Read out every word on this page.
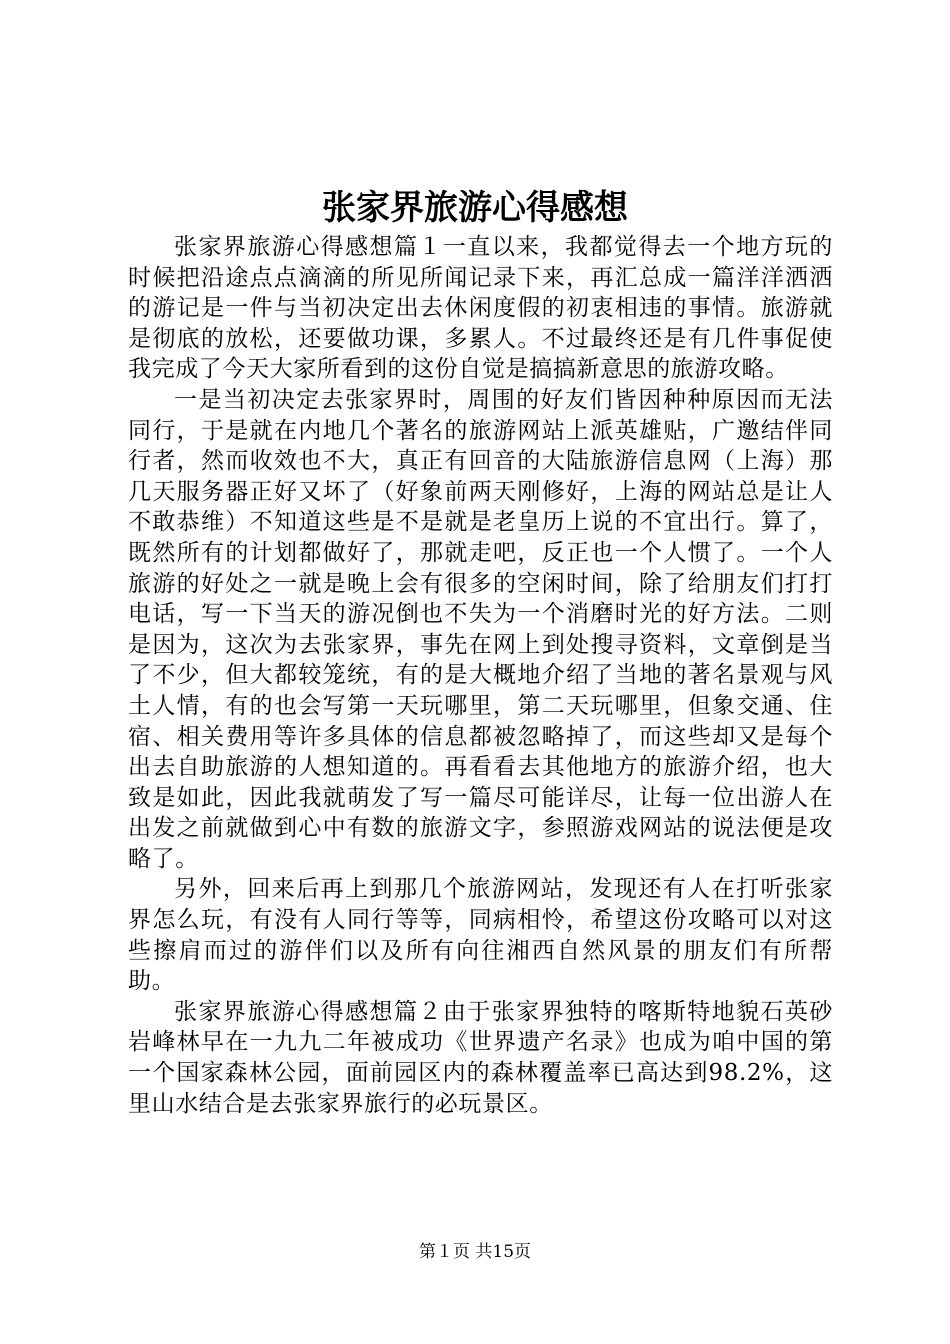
张家界旅游心得感想

张家界旅游心得感想篇１一直以来，我都觉得去一个地方玩的时候把沿途点点滴滴的所见所闻记录下来，再汇总成一篇洋洋洒洒的游记是一件与当初决定出去休闲度假的初衷相违的事情。旅游就是彻底的放松，还要做功课，多累人。不过最终还是有几件事促使我完成了今天大家所看到的这份自觉是搞搞新意思的旅游攻略。

一是当初决定去张家界时，周围的好友们皆因种种原因而无法同行，于是就在内地几个著名的旅游网站上派英雄贴，广邀结伴同行者，然而收效也不大，真正有回音的大陆旅游信息网（上海）那几天服务器正好又坏了（好象前两天刚修好，上海的网站总是让人不敢恭维）不知道这些是不是就是老皇历上说的不宜出行。算了，既然所有的计划都做好了，那就走吧，反正也一个人惯了。一个人旅游的好处之一就是晚上会有很多的空闲时间，除了给朋友们打打电话，写一下当天的游况倒也不失为一个消磨时光的好方法。二则是因为，这次为去张家界，事先在网上到处搜寻资料，文章倒是当了不少，但大都较笼统，有的是大概地介绍了当地的著名景观与风土人情，有的也会写第一天玩哪里，第二天玩哪里，但象交通、住宿、相关费用等许多具体的信息都被忽略掉了，而这些却又是每个出去自助旅游的人想知道的。再看看去其他地方的旅游介绍，也大致是如此，因此我就萌发了写一篇尽可能详尽，让每一位出游人在出发之前就做到心中有数的旅游文字，参照游戏网站的说法便是攻略了。

另外，回来后再上到那几个旅游网站，发现还有人在打听张家界怎么玩，有没有人同行等等，同病相怜，希望这份攻略可以对这些擦肩而过的游伴们以及所有向往湘西自然风景的朋友们有所帮助。

张家界旅游心得感想篇２由于张家界独特的喀斯特地貌石英砂岩峰林早在一九九二年被成功《世界遗产名录》也成为咱中国的第一个国家森林公园，面前园区内的森林覆盖率已高达到98.2%，这里山水结合是去张家界旅行的必玩景区。

第１页 共15页
